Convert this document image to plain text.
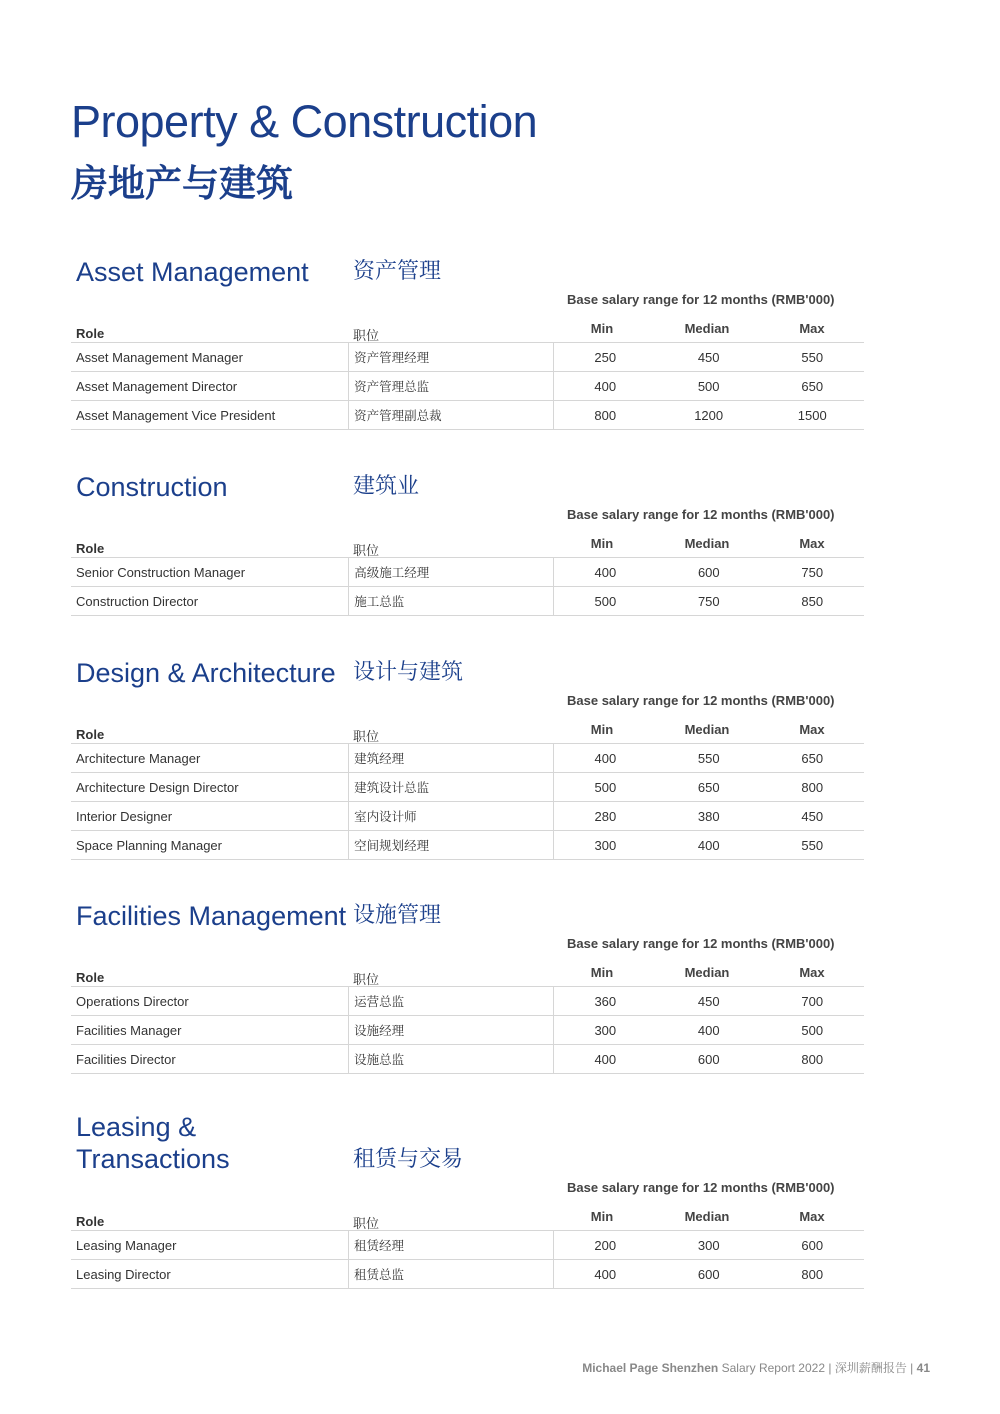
Property & Construction
房地产与建筑
Asset Management 资产管理
Base salary range for 12 months (RMB'000)
Role	职位
Min	Median	Max
Asset Management Manager	资产管理经理	250	450	550
Asset Management Director	资产管理总监	400	500	650
Asset Management Vice President	资产管理副总裁	800	1200	1500
Construction	建筑业
Base salary range for 12 months (RMB'000)
Role	职位
Min	Median	Max
Senior Construction Manager	高级施工经理	400	600	750
Construction Director	施工总监	500	750	850
Design & Architecture 设计与建筑
Base salary range for 12 months (RMB'000)
Role	职位
Min	Median	Max
Architecture Manager	建筑经理	400	550	650
Architecture Design Director	建筑设计总监	500	650	800
Interior Designer	室内设计师	280	380	450
Space Planning Manager	空间规划经理	300	400	550
Facilities Management 设施管理
Base salary range for 12 months (RMB'000)
Role	职位
Min	Median	Max
Operations Director	运营总监	360	450	700
Facilities Manager	设施经理	300	400	500
Facilities Director	设施总监	400	600	800
Leasing &
Transactions	租赁与交易
Base salary range for 12 months (RMB'000)
Role	职位
Min	Median	Max
Leasing Manager	租赁经理	200	300	600
Leasing Director	租赁总监	400	600	800
Michael Page Shenzhen Salary Report 2022 | 深圳薪酬报告 | 41
